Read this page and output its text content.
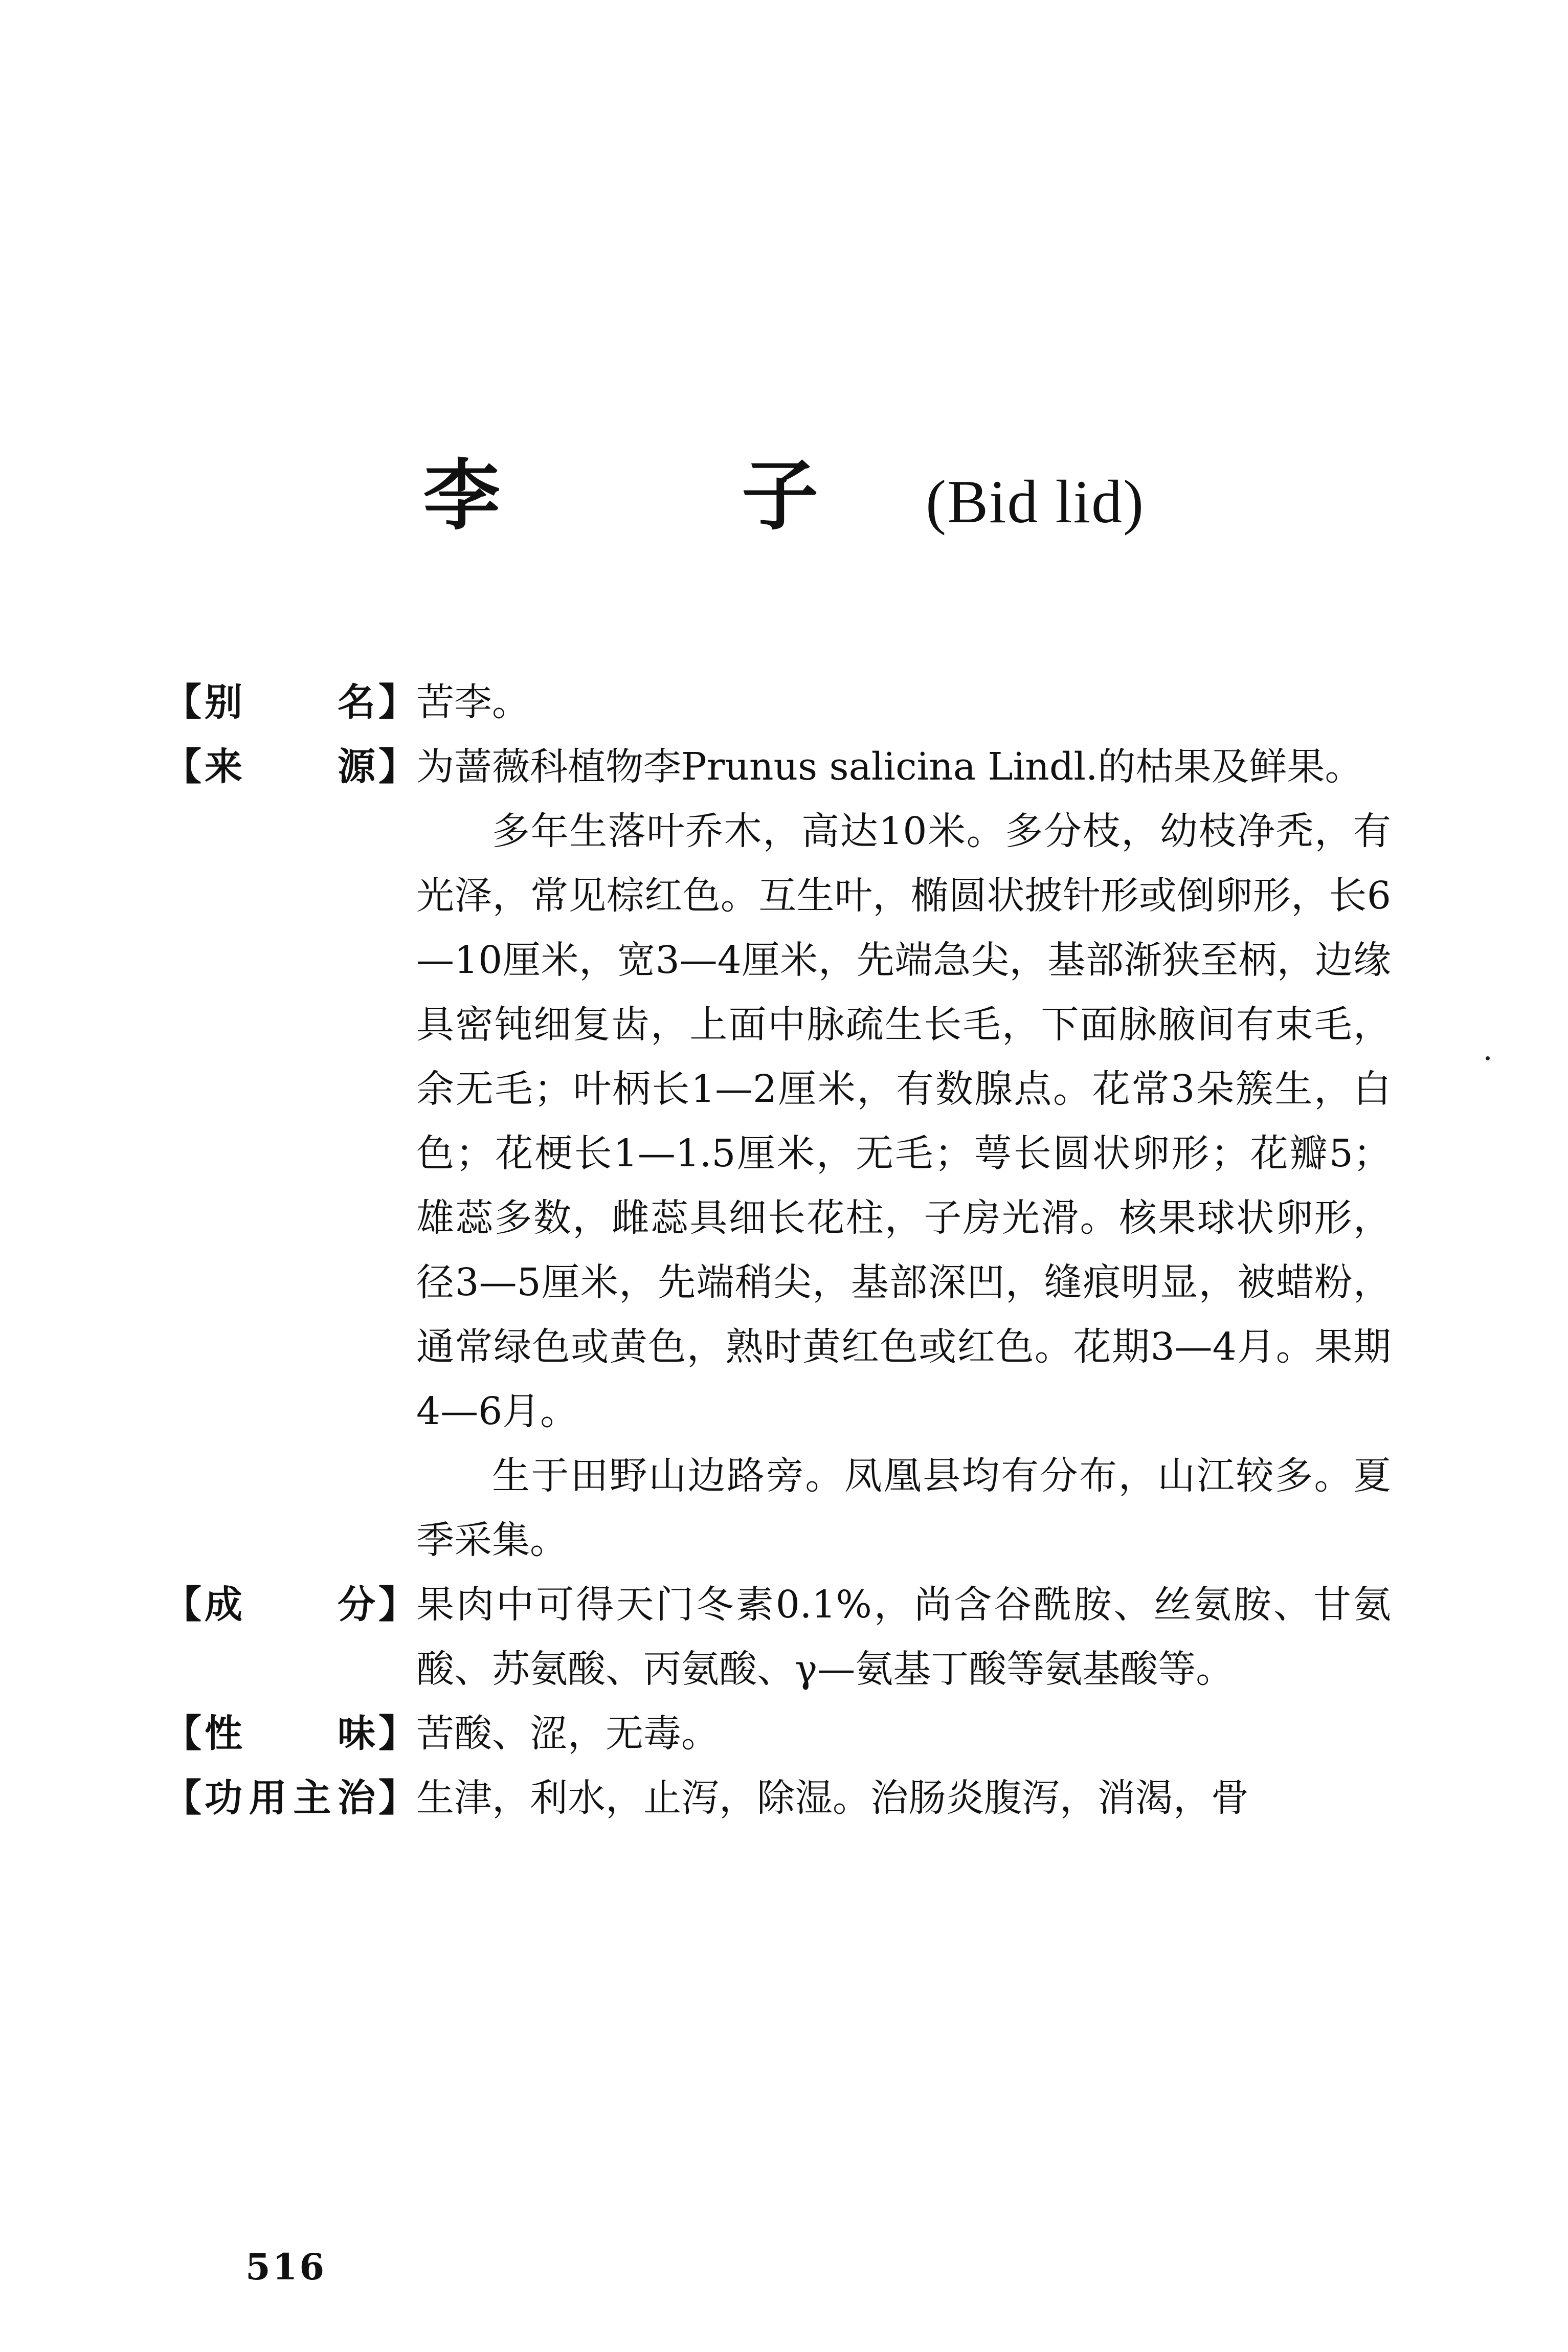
李 子(Bid lid)
【 别	名 】 苦李。

【 来	源 】 为蔷薇科植物李Prunus salicina Lindl.的枯果及鲜果。

多年生落叶乔木，高达10米。多分枝，幼枝净秃，有光泽，常见棕红色。互生叶，椭圆状披针形或倒卵形，长6—10厘米，宽3—4厘米，先端急尖，基部渐狭至柄，边缘具密钝细复齿，上面中脉疏生长毛，下面脉腋间有束毛，余无毛；叶柄长1—2厘米，有数腺点。花常3朵簇生，白色；花梗长1—1.5厘米，无毛；萼长圆状卵形；花瓣5；雄蕊多数，雌蕊具细长花柱，子房光滑。核果球状卵形，径3—5厘米，先端稍尖，基部深凹，缝痕明显，被蜡粉，通常绿色或黄色，熟时黄红色或红色。花期3—4月。果期4—6月。

生于田野山边路旁。凤凰县均有分布，山江较多。夏季采集。

【 成	分 】 果肉中可得天门冬素0.1%，尚含谷酰胺、丝氨胺、甘氨酸、苏氨酸、丙氨酸、γ—氨基丁酸等氨基酸等。

【 性	味 】 苦酸、涩，无毒。

【 功 用 主 治 】 生津，利水，止泻，除湿。治肠炎腹泻，消渴，骨

516
